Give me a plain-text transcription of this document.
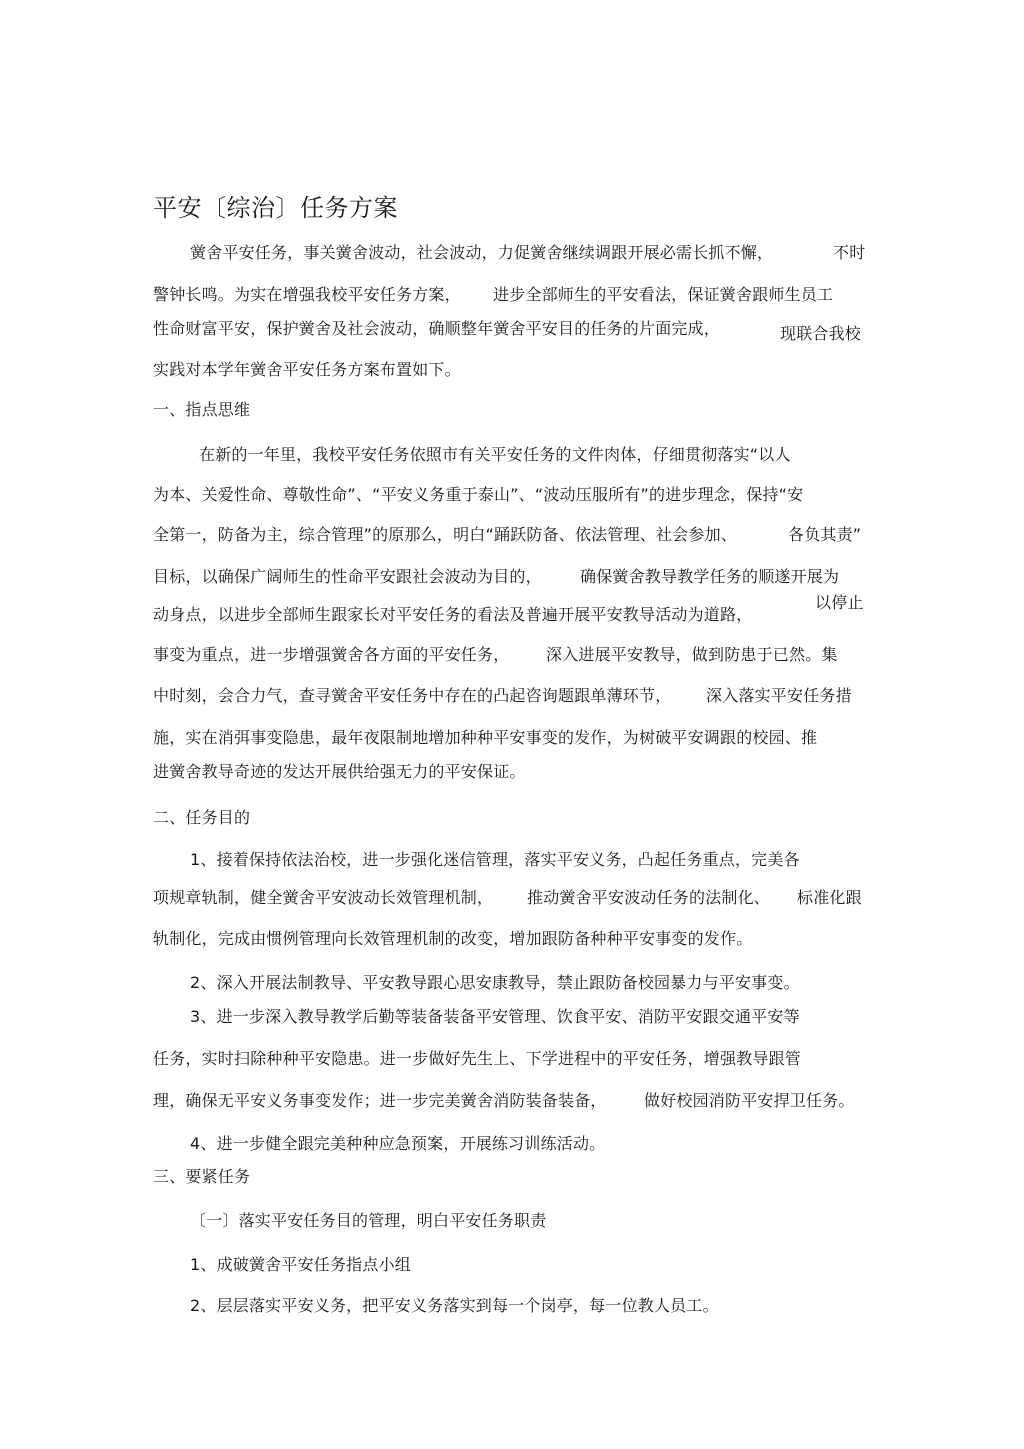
平安〔综治〕任务方案
黉舍平安任务，事关黉舍波动，社会波动，力促黉舍继续调跟开展必需长抓不懈，	不时
警钟长鸣。为实在增强我校平安任务方案， 进步全部师生的平安看法，保证黉舍跟师生员工
性命财富平安，保护黉舍及社会波动，确顺整年黉舍平安目的任务的片面完成，	现联合我校
实践对本学年黉舍平安任务方案布置如下。
一、指点思维
在新的一年里，我校平安任务依照市有关平安任务的文件肉体，仔细贯彻落实“以人
为本、关爱性命、尊敬性命”、“平安义务重于泰山”、“波动压服所有”的进步理念，保持“安
全第一，防备为主，综合管理”的原那么，明白“踊跃防备、依法管理、社会参加、	各负其责”
目标，以确保广阔师生的性命平安跟社会波动为目的， 确保黉舍教导教学任务的顺遂开展为
动身点，以进步全部师生跟家长对平安任务的看法及普遍开展平安教导活动为道路，
以停止
事变为重点，进一步增强黉舍各方面的平安任务， 深入进展平安教导，做到防患于已然。集
中时刻，会合力气，查寻黉舍平安任务中存在的凸起咨询题跟单薄环节， 深入落实平安任务措
施，实在消弭事变隐患，最年夜限制地增加种种平安事变的发作，为树破平安调跟的校园、推
进黉舍教导奇迹的发达开展供给强无力的平安保证。
二、任务目的
1、接着保持依法治校，进一步强化迷信管理，落实平安义务，凸起任务重点，完美各
项规章轨制，健全黉舍平安波动长效管理机制， 推动黉舍平安波动任务的法制化、 标准化跟
轨制化，完成由惯例管理向长效管理机制的改变，增加跟防备种种平安事变的发作。
2、深入开展法制教导、平安教导跟心思安康教导，禁止跟防备校园暴力与平安事变。
3、进一步深入教导教学后勤等装备装备平安管理、饮食平安、消防平安跟交通平安等
任务，实时扫除种种平安隐患。进一步做好先生上、下学进程中的平安任务，增强教导跟管
理，确保无平安义务事变发作；进一步完美黉舍消防装备装备， 做好校园消防平安捍卫任务。
4、进一步健全跟完美种种应急预案，开展练习训练活动。
三、要紧任务
〔一〕落实平安任务目的管理，明白平安任务职责
1、成破黉舍平安任务指点小组
2、层层落实平安义务，把平安义务落实到每一个岗亭，每一位教人员工。
